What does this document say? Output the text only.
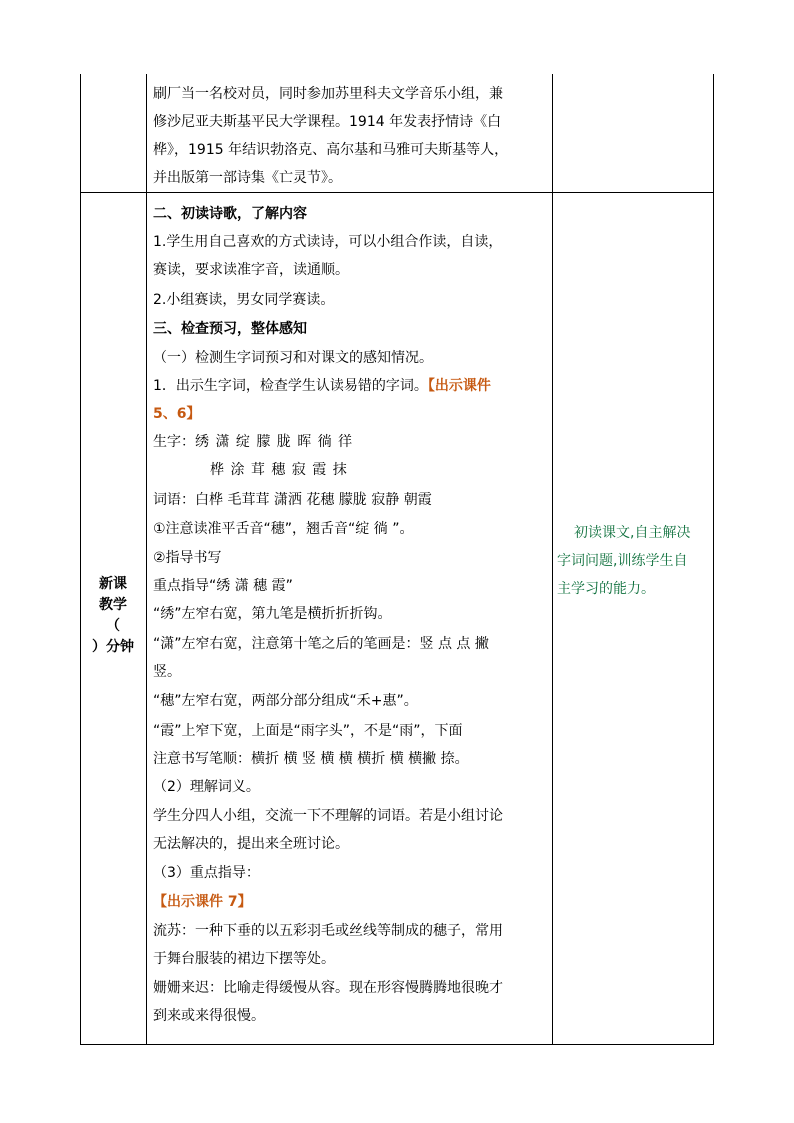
刷厂当一名校对员，同时参加苏里科夫文学音乐小组，兼
修沙尼亚夫斯基平民大学课程。1914 年发表抒情诗《白
桦》，1915 年结识勃洛克、高尔基和马雅可夫斯基等人，
并出版第一部诗集《亡灵节》。
新课
教学
（
）分钟
二、初读诗歌，了解内容
1.学生用自己喜欢的方式读诗，可以小组合作读，自读，
赛读，要求读准字音，读通顺。
2.小组赛读，男女同学赛读。
三、检查预习，整体感知
（一）检测生字词预习和对课文的感知情况。
1．出示生字词，检查学生认读易错的字词。【出示课件
5、6】
生字：绣 潇 绽 朦 胧 晖 徜 徉
桦 涂 茸 穗 寂 霞 抹
词语：白桦 毛茸茸 潇洒 花穗 朦胧 寂静 朝霞
①注意读准平舌音“穗”，翘舌音“绽 徜 ”。
②指导书写
重点指导“绣 潇 穗 霞”
“绣”左窄右宽，第九笔是横折折折钩。
“潇”左窄右宽，注意第十笔之后的笔画是：竖 点 点 撇
竖。
“穗”左窄右宽，两部分部分组成“禾+惠”。
“霞”上窄下宽，上面是“雨字头”，不是“雨”，下面
注意书写笔顺：横折 横 竖 横 横 横折 横 横撇 捺。
（2）理解词义。
学生分四人小组，交流一下不理解的词语。若是小组讨论
无法解决的，提出来全班讨论。
（3）重点指导：
【出示课件 7】
流苏：一种下垂的以五彩羽毛或丝线等制成的穗子，常用
于舞台服装的裙边下摆等处。
姗姗来迟：比喻走得缓慢从容。现在形容慢腾腾地很晚才
到来或来得很慢。
初读课文,自主解决
字词问题,训练学生自
主学习的能力。
